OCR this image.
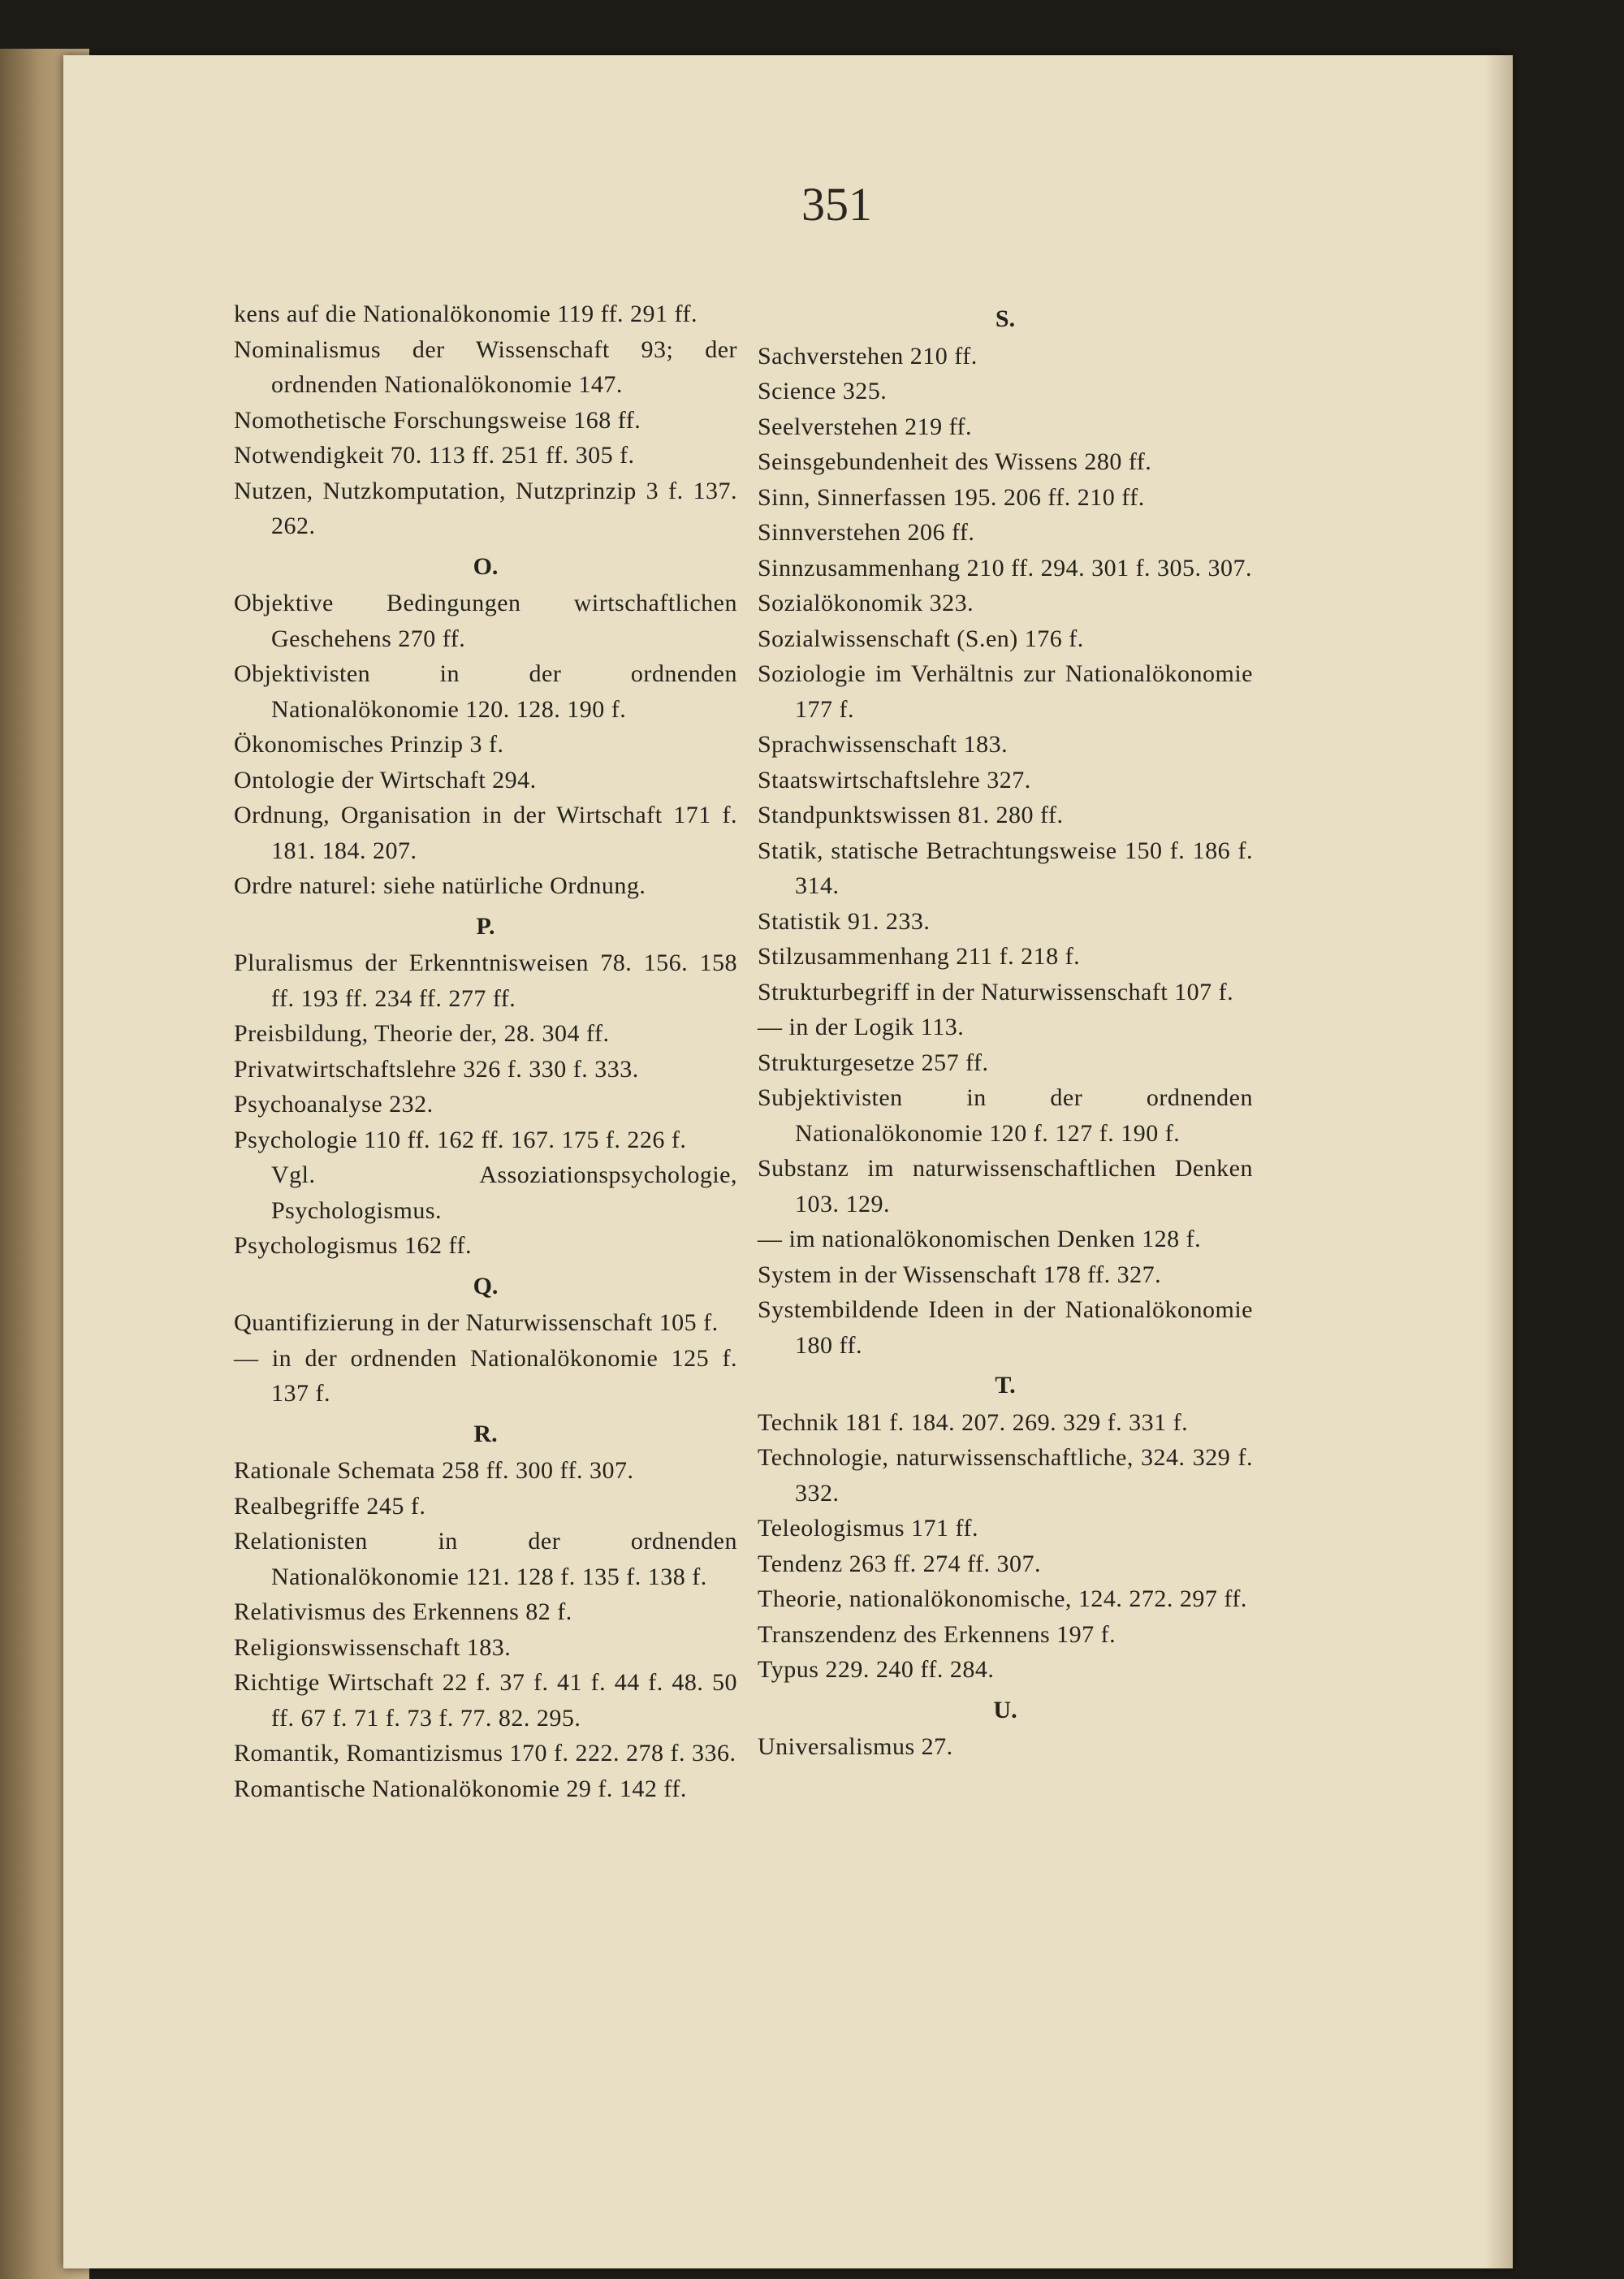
351
kens auf die Nationalökonomie 119 ff. 291 ff.
Nominalismus der Wissenschaft 93; der ordnenden Nationalökonomie 147.
Nomothetische Forschungsweise 168 ff.
Notwendigkeit 70. 113 ff. 251 ff. 305 f.
Nutzen, Nutzkomputation, Nutzprinzip 3 f. 137. 262.
O.
Objektive Bedingungen wirtschaftlichen Geschehens 270 ff.
Objektivisten in der ordnenden Nationalökonomie 120. 128. 190 f.
Ökonomisches Prinzip 3 f.
Ontologie der Wirtschaft 294.
Ordnung, Organisation in der Wirtschaft 171 f. 181. 184. 207.
Ordre naturel: siehe natürliche Ordnung.
P.
Pluralismus der Erkenntnisweisen 78. 156. 158 ff. 193 ff. 234 ff. 277 ff.
Preisbildung, Theorie der, 28. 304 ff.
Privatwirtschaftslehre 326 f. 330 f. 333.
Psychoanalyse 232.
Psychologie 110 ff. 162 ff. 167. 175 f. 226 f.
Vgl. Assoziationspsychologie, Psychologismus.
Psychologismus 162 ff.
Q.
Quantifizierung in der Naturwissenschaft 105 f.
— in der ordnenden Nationalökonomie 125 f. 137 f.
R.
Rationale Schemata 258 ff. 300 ff. 307.
Realbegriffe 245 f.
Relationisten in der ordnenden Nationalökonomie 121. 128 f. 135 f. 138 f.
Relativismus des Erkennens 82 f.
Religionswissenschaft 183.
Richtige Wirtschaft 22 f. 37 f. 41 f. 44 f. 48. 50 ff. 67 f. 71 f. 73 f. 77. 82. 295.
Romantik, Romantizismus 170 f. 222. 278 f. 336.
Romantische Nationalökonomie 29 f. 142 ff.
S.
Sachverstehen 210 ff.
Science 325.
Seelverstehen 219 ff.
Seinsgebundenheit des Wissens 280 ff.
Sinn, Sinnerfassen 195. 206 ff. 210 ff.
Sinnverstehen 206 ff.
Sinnzusammenhang 210 ff. 294. 301 f. 305. 307.
Sozialökonomik 323.
Sozialwissenschaft (S.en) 176 f.
Soziologie im Verhältnis zur Nationalökonomie 177 f.
Sprachwissenschaft 183.
Staatswirtschaftslehre 327.
Standpunktswissen 81. 280 ff.
Statik, statische Betrachtungsweise 150 f. 186 f. 314.
Statistik 91. 233.
Stilzusammenhang 211 f. 218 f.
Strukturbegriff in der Naturwissenschaft 107 f.
— in der Logik 113.
Strukturgesetze 257 ff.
Subjektivisten in der ordnenden Nationalökonomie 120 f. 127 f. 190 f.
Substanz im naturwissenschaftlichen Denken 103. 129.
— im nationalökonomischen Denken 128 f.
System in der Wissenschaft 178 ff. 327.
Systembildende Ideen in der Nationalökonomie 180 ff.
T.
Technik 181 f. 184. 207. 269. 329 f. 331 f.
Technologie, naturwissenschaftliche, 324. 329 f. 332.
Teleologismus 171 ff.
Tendenz 263 ff. 274 ff. 307.
Theorie, nationalökonomische, 124. 272. 297 ff.
Transzendenz des Erkennens 197 f.
Typus 229. 240 ff. 284.
U.
Universalismus 27.
